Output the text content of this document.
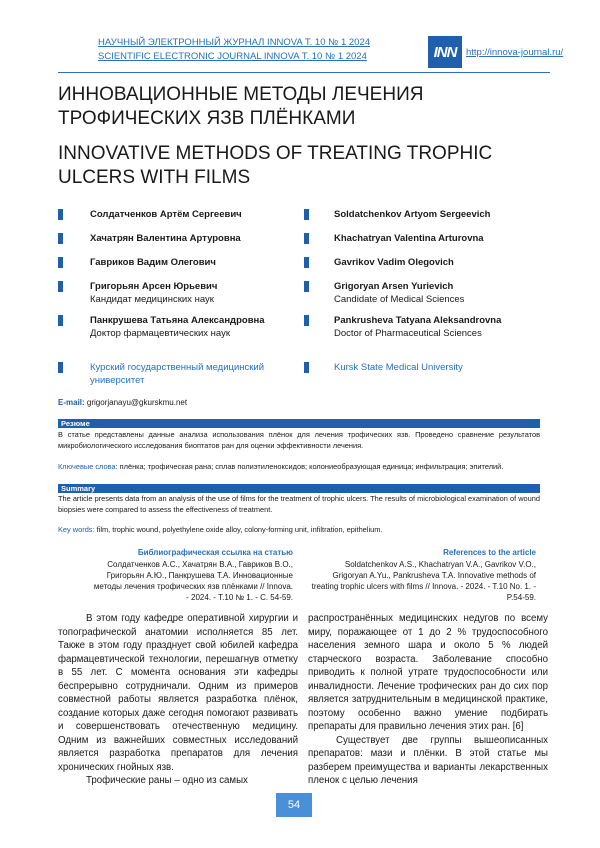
НАУЧНЫЙ ЭЛЕКТРОННЫЙ ЖУРНАЛ INNOVA Т. 10 № 1 2024
SCIENTIFIC ELECTRONIC JOURNAL INNOVA Т. 10 № 1 2024	INN	http://innova-journal.ru/
ИННОВАЦИОННЫЕ МЕТОДЫ ЛЕЧЕНИЯ ТРОФИЧЕСКИХ ЯЗВ ПЛЁНКАМИ
INNOVATIVE METHODS OF TREATING TROPHIC ULCERS WITH FILMS
Солдатченков Артём Сергеевич
Хачатрян Валентина Артуровна
Гавриков Вадим Олегович
Григорьян Арсен Юрьевич
Кандидат медицинских наук
Панкрушева Татьяна Александровна
Доктор фармацевтических наук
Soldatchenkov Artyom Sergeevich
Khachatryan Valentina Arturovna
Gavrikov Vadim Olegovich
Grigoryan Arsen Yurievich
Candidate of Medical Sciences
Pankrusheva Tatyana Aleksandrovna
Doctor of Pharmaceutical Sciences
Курский государственный медицинский университет
Kursk State Medical University
E-mail: grigorjanayu@gkurskmu.net
Резюме
В статье представлены данные анализа использования плёнок для лечения трофических язв. Проведено сравнение результатов микробиологического исследования биоптатов ран для оценки эффективности лечения.
Ключевые слова: плёнка; трофическая рана; сплав полиэтиленоксидов; колониеобразующая единица; инфильтрация; эпителий.
Summary
The article presents data from an analysis of the use of films for the treatment of trophic ulcers. The results of microbiological examination of wound biopsies were compared to assess the effectiveness of treatment.
Key words: film, trophic wound, polyethylene oxide alloy, colony-forming unit, infiltration, epithelium.
Библиографическая ссылка на статью
Солдатченков А.С., Хачатрян В.А., Гавриков В.О., Григорьян А.Ю., Панкрушева Т.А. Инновационные методы лечения трофических язв плёнками // Innova. - 2024. - Т.10 № 1. - С. 54-59.
References to the article
Soldatchenkov A.S., Khachatryan V.A., Gavrikov V.O., Grigoryan A.Yu., Pankrusheva T.A. Innovative methods of treating trophic ulcers with films // Innova. - 2024. - T.10 No. 1. - P.54-59.

В этом году кафедре оперативной хирургии и топографической анатомии исполняется 85 лет. Также в этом году празднует свой юбилей кафедра фармацевтической технологии, перешагнув отметку в 55 лет. С момента основания эти кафедры беспрерывно сотрудничали. Одним из примеров совместной работы является разработка плёнок, создание которых даже сегодня помогают развивать и совершенствовать отечественную медицину. Одним из важнейших совместных исследований является разработка препаратов для лечения хронических гнойных язв.

Трофические раны – одно из самых

распространённых медицинских недугов по всему миру, поражающее от 1 до 2 % трудоспособного населения земного шара и около 5 % людей старческого возраста. Заболевание способно приводить к полной утрате трудоспособности или инвалидности. Лечение трофических ран до сих пор является затруднительным в медицинской практике, поэтому особенно важно умение подбирать препараты для правильно лечения этих ран. [6]

Существует две группы вышеописанных препаратов: мази и плёнки. В этой статье мы разберем преимущества и варианты лекарственных пленок с целью лечения

54
